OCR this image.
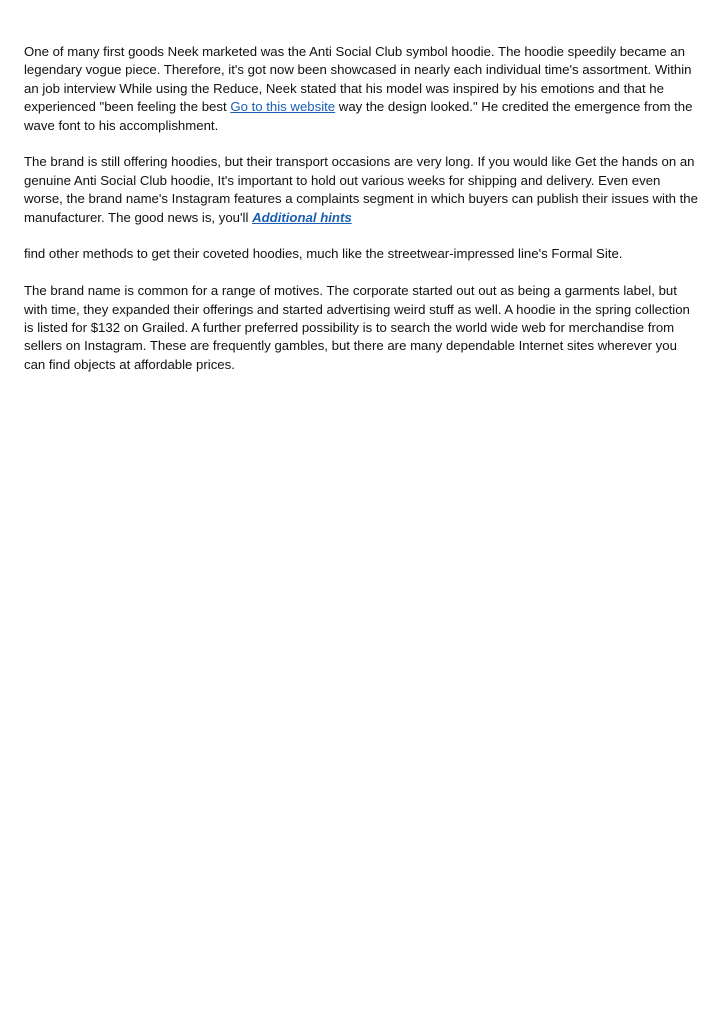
One of many first goods Neek marketed was the Anti Social Club symbol hoodie. The hoodie speedily became an legendary vogue piece. Therefore, it's got now been showcased in nearly each individual time's assortment. Within an job interview While using the Reduce, Neek stated that his model was inspired by his emotions and that he experienced "been feeling the best Go to this website way the design looked." He credited the emergence from the wave font to his accomplishment.

The brand is still offering hoodies, but their transport occasions are very long. If you would like Get the hands on an genuine Anti Social Club hoodie, It's important to hold out various weeks for shipping and delivery. Even even worse, the brand name's Instagram features a complaints segment in which buyers can publish their issues with the manufacturer. The good news is, you'll Additional hints

find other methods to get their coveted hoodies, much like the streetwear-impressed line's Formal Site.

The brand name is common for a range of motives. The corporate started out out as being a garments label, but with time, they expanded their offerings and started advertising weird stuff as well. A hoodie in the spring collection is listed for $132 on Grailed. A further preferred possibility is to search the world wide web for merchandise from sellers on Instagram. These are frequently gambles, but there are many dependable Internet sites wherever you can find objects at affordable prices.
